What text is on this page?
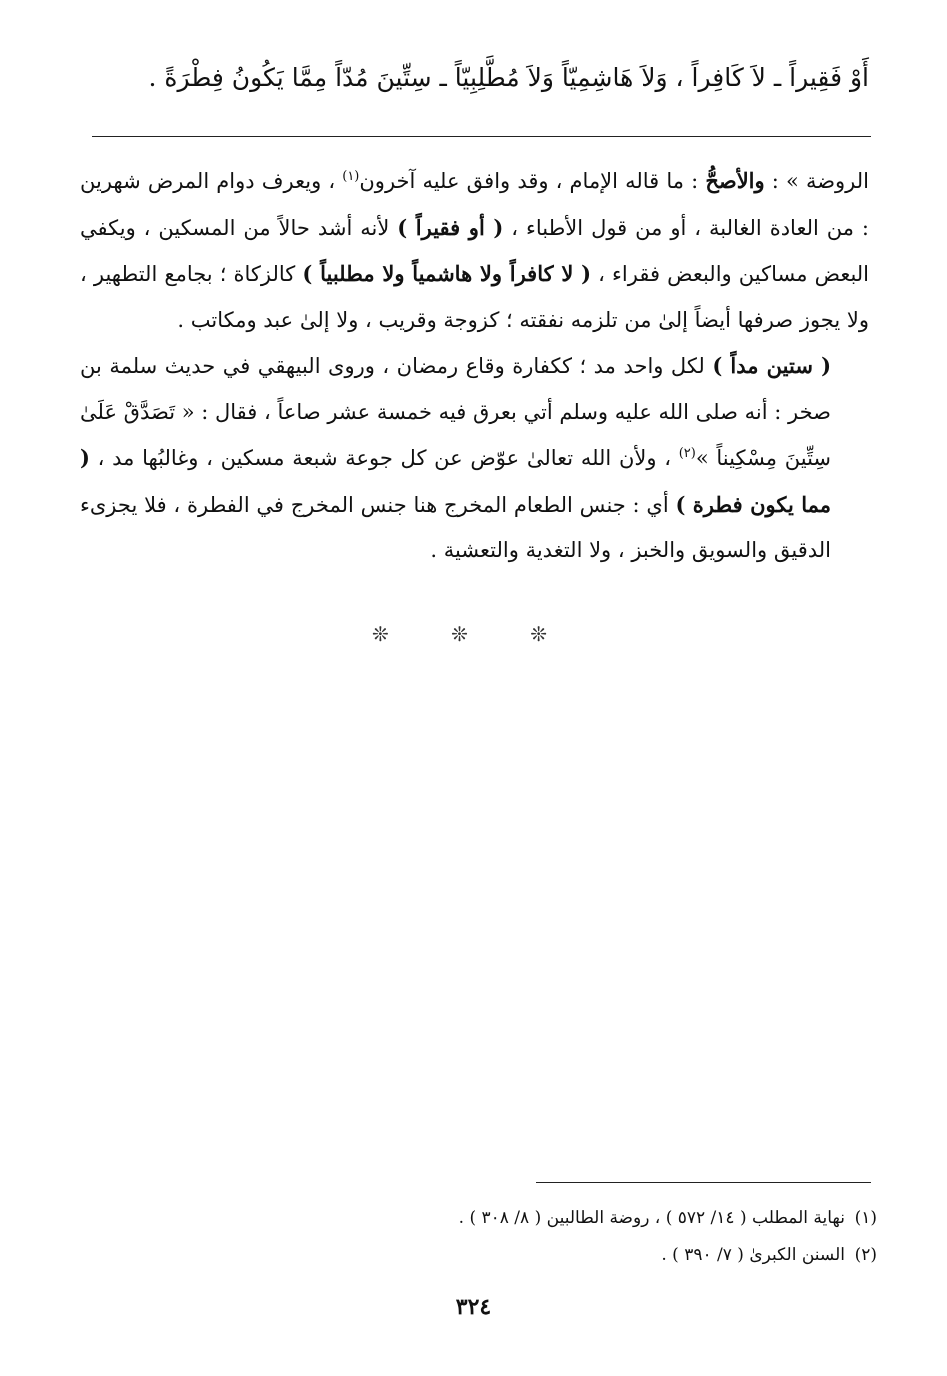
أَوْ فَقِيراً ـ لاَ كَافِراً ، وَلاَ هَاشِمِيّاً وَلاَ مُطَّلِبِيّاً ـ سِتِّينَ مُدّاً مِمَّا يَكُونُ فِطْرَةً .

الروضة » : والأصحُّ : ما قاله الإمام ، وقد وافق عليه آخرون$^{(١)}$ ، ويعرف دوام المرض شهرين : من العادة الغالبة ، أو من قول الأطباء ، ( أو فقيراً ) لأنه أشد حالاً من المسكين ، ويكفي البعض مساكين والبعض فقراء ، ( لا كافراً ولا هاشمياً ولا مطلبياً ) كالزكاة ؛ بجامع التطهير ، ولا يجوز صرفها أيضاً إلىٰ من تلزمه نفقته ؛ كزوجة وقريب ، ولا إلىٰ عبد ومكاتب .

( ستين مداً ) لكل واحد مد ؛ ككفارة وقاع رمضان ، وروى البيهقي في حديث سلمة بن صخر : أنه صلى الله عليه وسلم أتي بعرق فيه خمسة عشر صاعاً ، فقال : « تَصَدَّقْ عَلَىٰ سِتِّينَ مِسْكِيناً »$^{(٢)}$ ، ولأن الله تعالىٰ عوّض عن كل جوعة شبعة مسكين ، وغالبُها مد ، ( مما يكون فطرة ) أي : جنس الطعام المخرج هنا جنس المخرج في الفطرة ، فلا يجزىء الدقيق والسويق والخبز ، ولا التغدية والتعشية .

❊ ❊ ❊
(١)نهاية المطلب ( ١٤/ ٥٧٢ ) ، روضة الطالبين ( ٨/ ٣٠٨ ) .
(٢)السنن الكبرىٰ ( ٧/ ٣٩٠ ) .
٣٢٤
